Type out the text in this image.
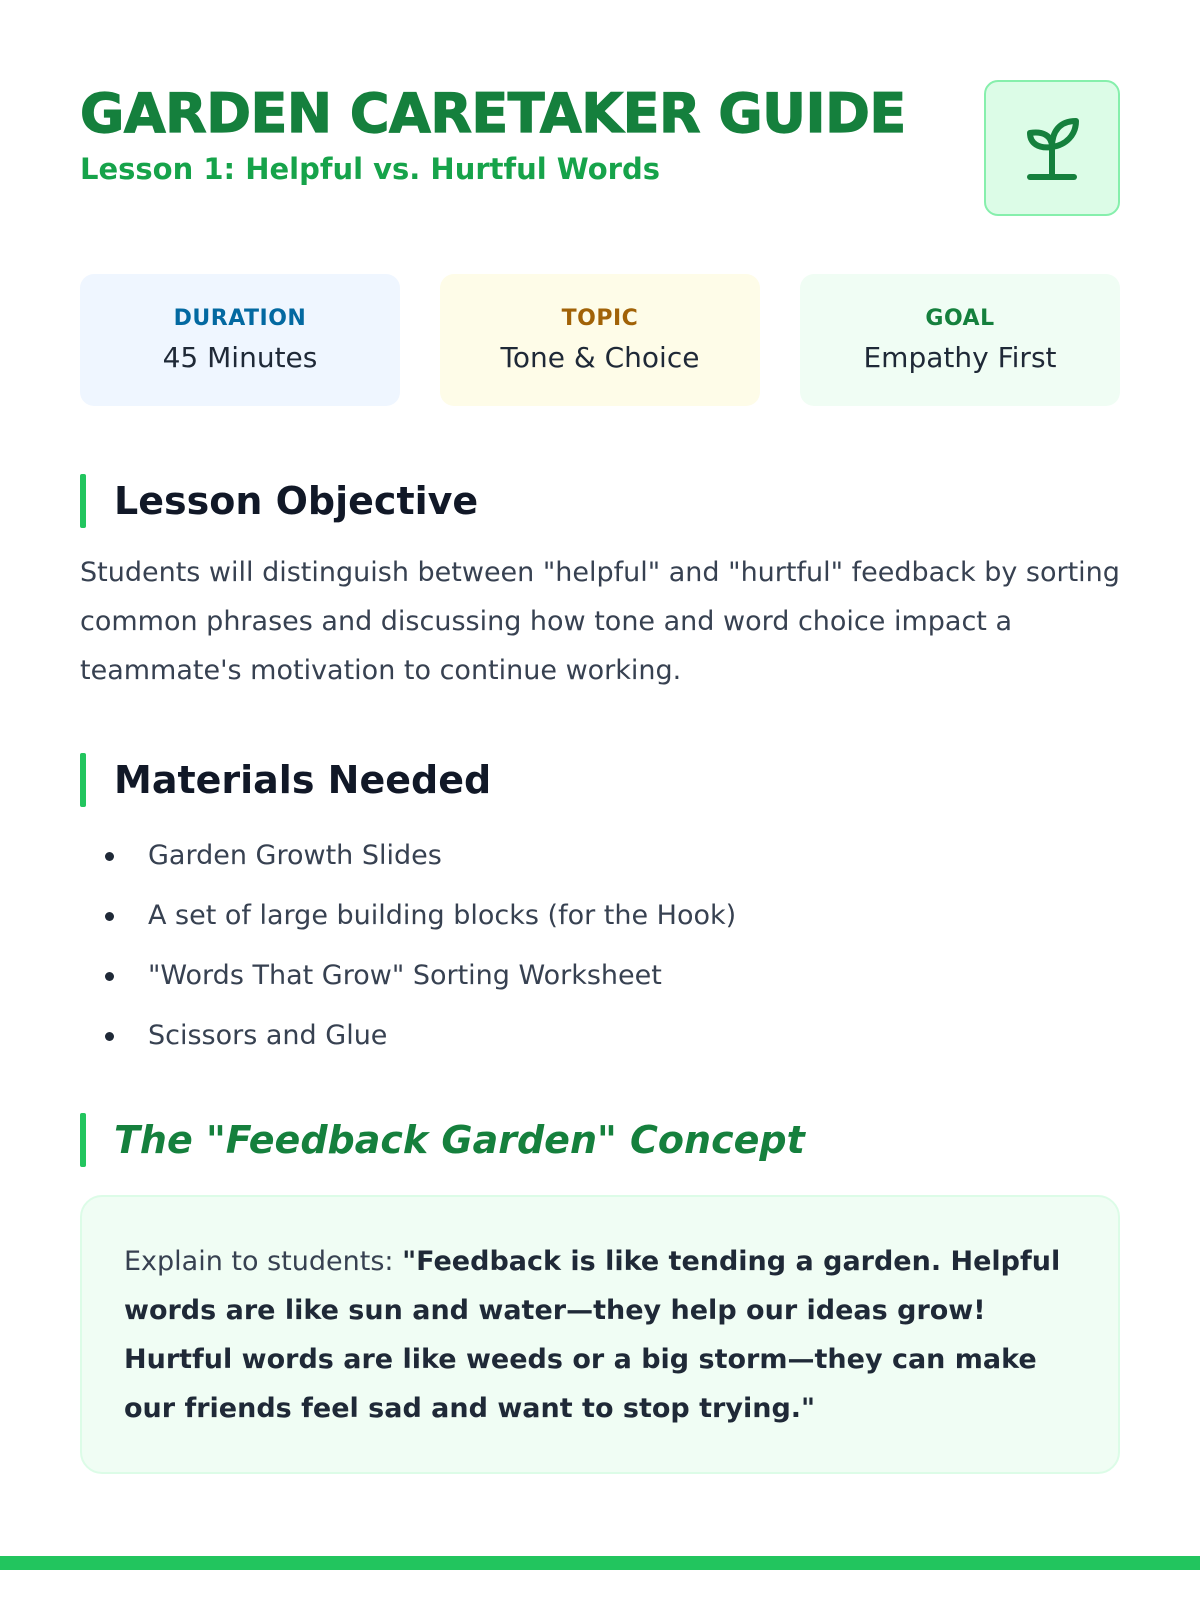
GARDEN CARETAKER GUIDE
Lesson 1: Helpful vs. Hurtful Words
DURATION
45 Minutes
TOPIC
Tone & Choice
GOAL
Empathy First
Lesson Objective

Students will distinguish between "helpful" and "hurtful" feedback by sorting common phrases and discussing how tone and word choice impact a teammate's motivation to continue working.

Materials Needed
Garden Growth Slides
A set of large building blocks (for the Hook)
"Words That Grow" Sorting Worksheet
Scissors and Glue
The "Feedback Garden" Concept
Explain to students: "Feedback is like tending a garden. Helpful words are like sun and water—they help our ideas grow! Hurtful words are like weeds or a big storm—they can make our friends feel sad and want to stop trying."
